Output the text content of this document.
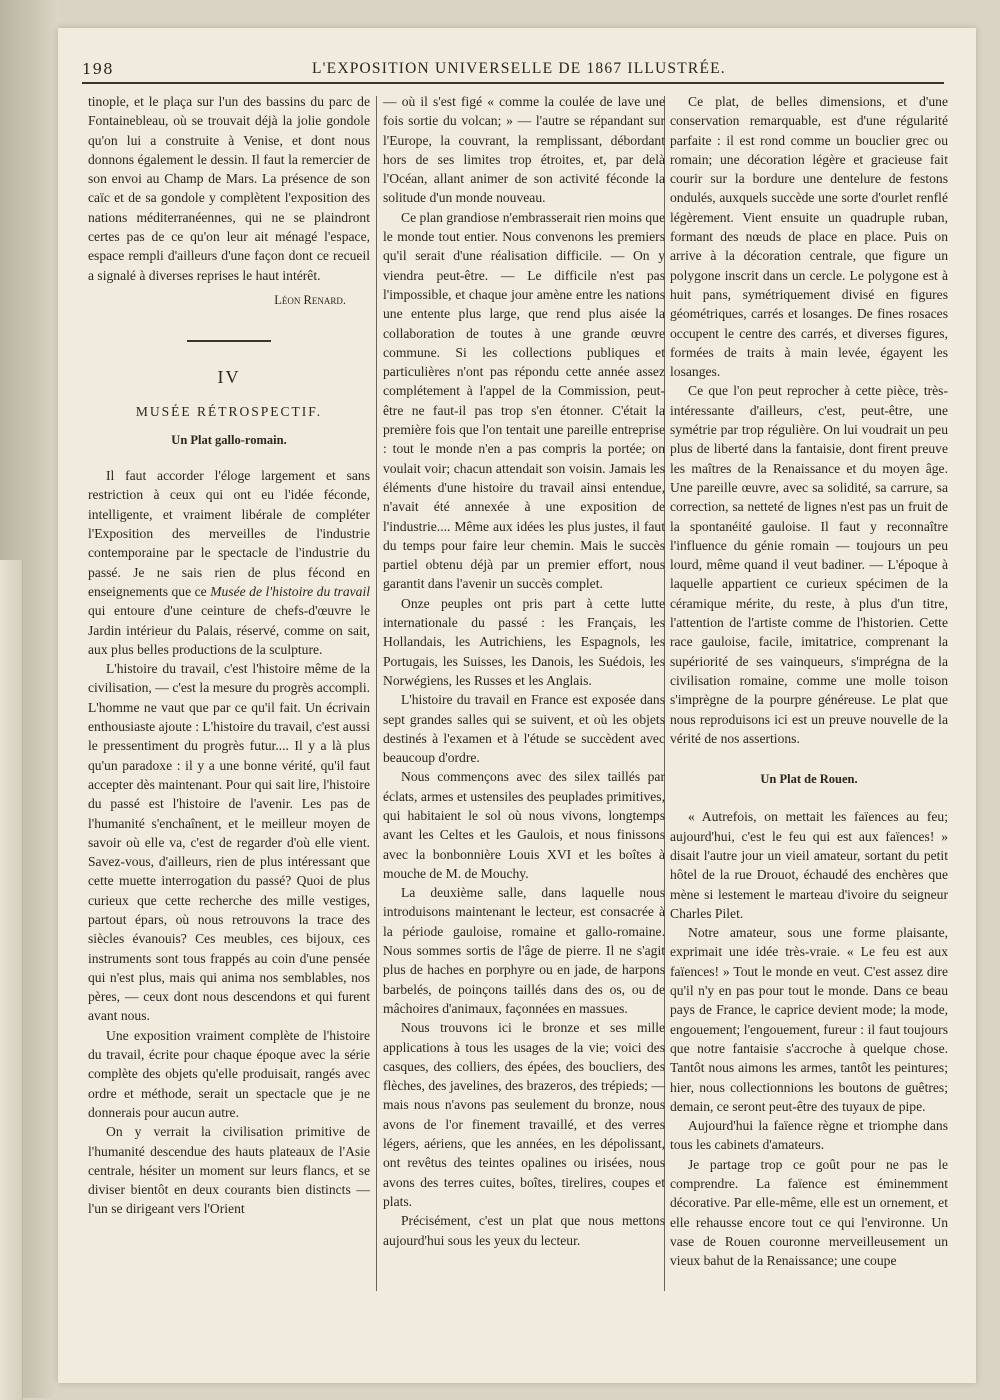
198	L'EXPOSITION UNIVERSELLE DE 1867 ILLUSTRÉE.

tinople, et le plaça sur l'un des bassins du parc de Fontainebleau, où se trouvait déjà la jolie gondole qu'on lui a construite à Venise, et dont nous donnons également le dessin. Il faut la remercier de son envoi au Champ de Mars. La présence de son caïc et de sa gondole y complètent l'exposition des nations méditerranéennes, qui ne se plaindront certes pas de ce qu'on leur ait ménagé l'espace, espace rempli d'ailleurs d'une façon dont ce recueil a signalé à diverses reprises le haut intérêt.

Léon Renard.
IV
MUSÉE RÉTROSPECTIF.
Un Plat gallo-romain.

Il faut accorder l'éloge largement et sans restriction à ceux qui ont eu l'idée féconde, intelligente, et vraiment libérale de compléter l'Exposition des merveilles de l'industrie contemporaine par le spectacle de l'industrie du passé. Je ne sais rien de plus fécond en enseignements que ce Musée de l'histoire du travail qui entoure d'une ceinture de chefs-d'œuvre le Jardin intérieur du Palais, réservé, comme on sait, aux plus belles productions de la sculpture.

L'histoire du travail, c'est l'histoire même de la civilisation, — c'est la mesure du progrès accompli. L'homme ne vaut que par ce qu'il fait. Un écrivain enthousiaste ajoute : L'histoire du travail, c'est aussi le pressentiment du progrès futur.... Il y a là plus qu'un paradoxe : il y a une bonne vérité, qu'il faut accepter dès maintenant. Pour qui sait lire, l'histoire du passé est l'histoire de l'avenir. Les pas de l'humanité s'enchaînent, et le meilleur moyen de savoir où elle va, c'est de regarder d'où elle vient. Savez-vous, d'ailleurs, rien de plus intéressant que cette muette interrogation du passé? Quoi de plus curieux que cette recherche des mille vestiges, partout épars, où nous retrouvons la trace des siècles évanouis? Ces meubles, ces bijoux, ces instruments sont tous frappés au coin d'une pensée qui n'est plus, mais qui anima nos semblables, nos pères, — ceux dont nous descendons et qui furent avant nous.

Une exposition vraiment complète de l'histoire du travail, écrite pour chaque époque avec la série complète des objets qu'elle produisait, rangés avec ordre et méthode, serait un spectacle que je ne donnerais pour aucun autre.

On y verrait la civilisation primitive de l'humanité descendue des hauts plateaux de l'Asie centrale, hésiter un moment sur leurs flancs, et se diviser bientôt en deux courants bien distincts — l'un se dirigeant vers l'Orient

— où il s'est figé « comme la coulée de lave une fois sortie du volcan; » — l'autre se répandant sur l'Europe, la couvrant, la remplissant, débordant hors de ses limites trop étroites, et, par delà l'Océan, allant animer de son activité féconde la solitude d'un monde nouveau.

Ce plan grandiose n'embrasserait rien moins que le monde tout entier. Nous convenons les premiers qu'il serait d'une réalisation difficile. — On y viendra peut-être. — Le difficile n'est pas l'impossible, et chaque jour amène entre les nations une entente plus large, que rend plus aisée la collaboration de toutes à une grande œuvre commune. Si les collections publiques et particulières n'ont pas répondu cette année assez complétement à l'appel de la Commission, peut-être ne faut-il pas trop s'en étonner. C'était la première fois que l'on tentait une pareille entreprise : tout le monde n'en a pas compris la portée; on voulait voir; chacun attendait son voisin. Jamais les éléments d'une histoire du travail ainsi entendue, n'avait été annexée à une exposition de l'industrie.... Même aux idées les plus justes, il faut du temps pour faire leur chemin. Mais le succès partiel obtenu déjà par un premier effort, nous garantit dans l'avenir un succès complet.

Onze peuples ont pris part à cette lutte internationale du passé : les Français, les Hollandais, les Autrichiens, les Espagnols, les Portugais, les Suisses, les Danois, les Suédois, les Norwégiens, les Russes et les Anglais.

L'histoire du travail en France est exposée dans sept grandes salles qui se suivent, et où les objets destinés à l'examen et à l'étude se succèdent avec beaucoup d'ordre.

Nous commençons avec des silex taillés par éclats, armes et ustensiles des peuplades primitives, qui habitaient le sol où nous vivons, longtemps avant les Celtes et les Gaulois, et nous finissons avec la bonbonnière Louis XVI et les boîtes à mouche de M. de Mouchy.

La deuxième salle, dans laquelle nous introduisons maintenant le lecteur, est consacrée à la période gauloise, romaine et gallo-romaine. Nous sommes sortis de l'âge de pierre. Il ne s'agit plus de haches en porphyre ou en jade, de harpons barbelés, de poinçons taillés dans des os, ou de mâchoires d'animaux, façonnées en massues.

Nous trouvons ici le bronze et ses mille applications à tous les usages de la vie; voici des casques, des colliers, des épées, des boucliers, des flèches, des javelines, des brazeros, des trépieds; — mais nous n'avons pas seulement du bronze, nous avons de l'or finement travaillé, et des verres légers, aériens, que les années, en les dépolissant, ont revêtus des teintes opalines ou irisées, nous avons des terres cuites, boîtes, tirelires, coupes et plats.

Précisément, c'est un plat que nous mettons aujourd'hui sous les yeux du lecteur.

Ce plat, de belles dimensions, et d'une conservation remarquable, est d'une régularité parfaite : il est rond comme un bouclier grec ou romain; une décoration légère et gracieuse fait courir sur la bordure une dentelure de festons ondulés, auxquels succède une sorte d'ourlet renflé légèrement. Vient ensuite un quadruple ruban, formant des nœuds de place en place. Puis on arrive à la décoration centrale, que figure un polygone inscrit dans un cercle. Le polygone est à huit pans, symétriquement divisé en figures géométriques, carrés et losanges. De fines rosaces occupent le centre des carrés, et diverses figures, formées de traits à main levée, égayent les losanges.

Ce que l'on peut reprocher à cette pièce, très-intéressante d'ailleurs, c'est, peut-être, une symétrie par trop régulière. On lui voudrait un peu plus de liberté dans la fantaisie, dont firent preuve les maîtres de la Renaissance et du moyen âge. Une pareille œuvre, avec sa solidité, sa carrure, sa correction, sa netteté de lignes n'est pas un fruit de la spontanéité gauloise. Il faut y reconnaître l'influence du génie romain — toujours un peu lourd, même quand il veut badiner. — L'époque à laquelle appartient ce curieux spécimen de la céramique mérite, du reste, à plus d'un titre, l'attention de l'artiste comme de l'historien. Cette race gauloise, facile, imitatrice, comprenant la supériorité de ses vainqueurs, s'imprégna de la civilisation romaine, comme une molle toison s'imprègne de la pourpre généreuse. Le plat que nous reproduisons ici est un preuve nouvelle de la vérité de nos assertions.

Un Plat de Rouen.

« Autrefois, on mettait les faïences au feu; aujourd'hui, c'est le feu qui est aux faïences! » disait l'autre jour un vieil amateur, sortant du petit hôtel de la rue Drouot, échaudé des enchères que mène si lestement le marteau d'ivoire du seigneur Charles Pilet.

Notre amateur, sous une forme plaisante, exprimait une idée très-vraie. « Le feu est aux faïences! » Tout le monde en veut. C'est assez dire qu'il n'y en pas pour tout le monde. Dans ce beau pays de France, le caprice devient mode; la mode, engouement; l'engouement, fureur : il faut toujours que notre fantaisie s'accroche à quelque chose. Tantôt nous aimons les armes, tantôt les peintures; hier, nous collectionnions les boutons de guêtres; demain, ce seront peut-être des tuyaux de pipe.

Aujourd'hui la faïence règne et triomphe dans tous les cabinets d'amateurs.

Je partage trop ce goût pour ne pas le comprendre. La faïence est éminemment décorative. Par elle-même, elle est un ornement, et elle rehausse encore tout ce qui l'environne. Un vase de Rouen couronne merveilleusement un vieux bahut de la Renaissance; une coupe
